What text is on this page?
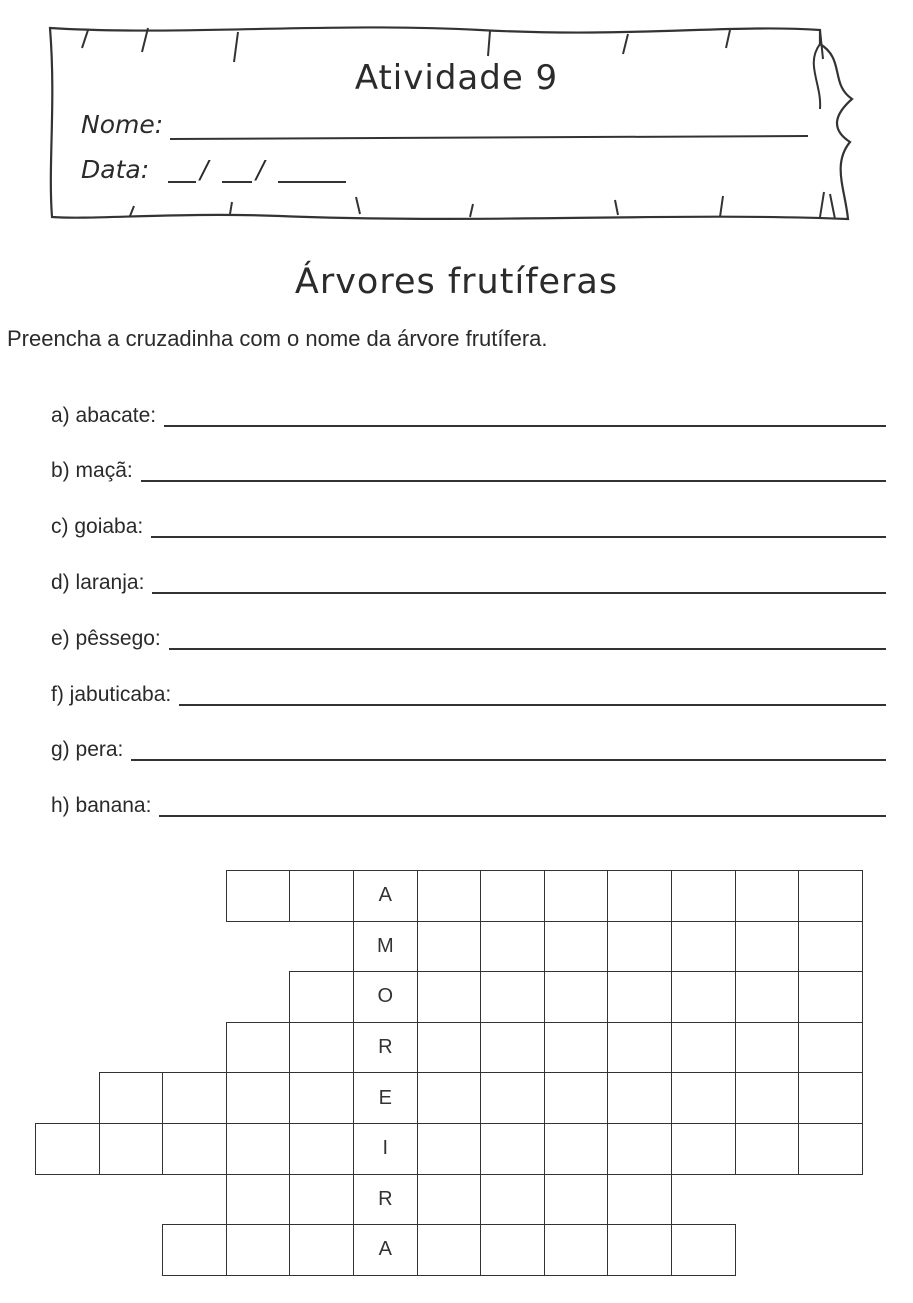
Atividade 9
Nome:
Data: / /
Árvores frutíferas
Preencha a cruzadinha com o nome da árvore frutífera.
a) abacate:
b) maçã:
c) goiaba:
d) laranja:
e) pêssego:
f) jabuticaba:
g) pera:
h) banana:
A
M
O
R
E
I
R
A
